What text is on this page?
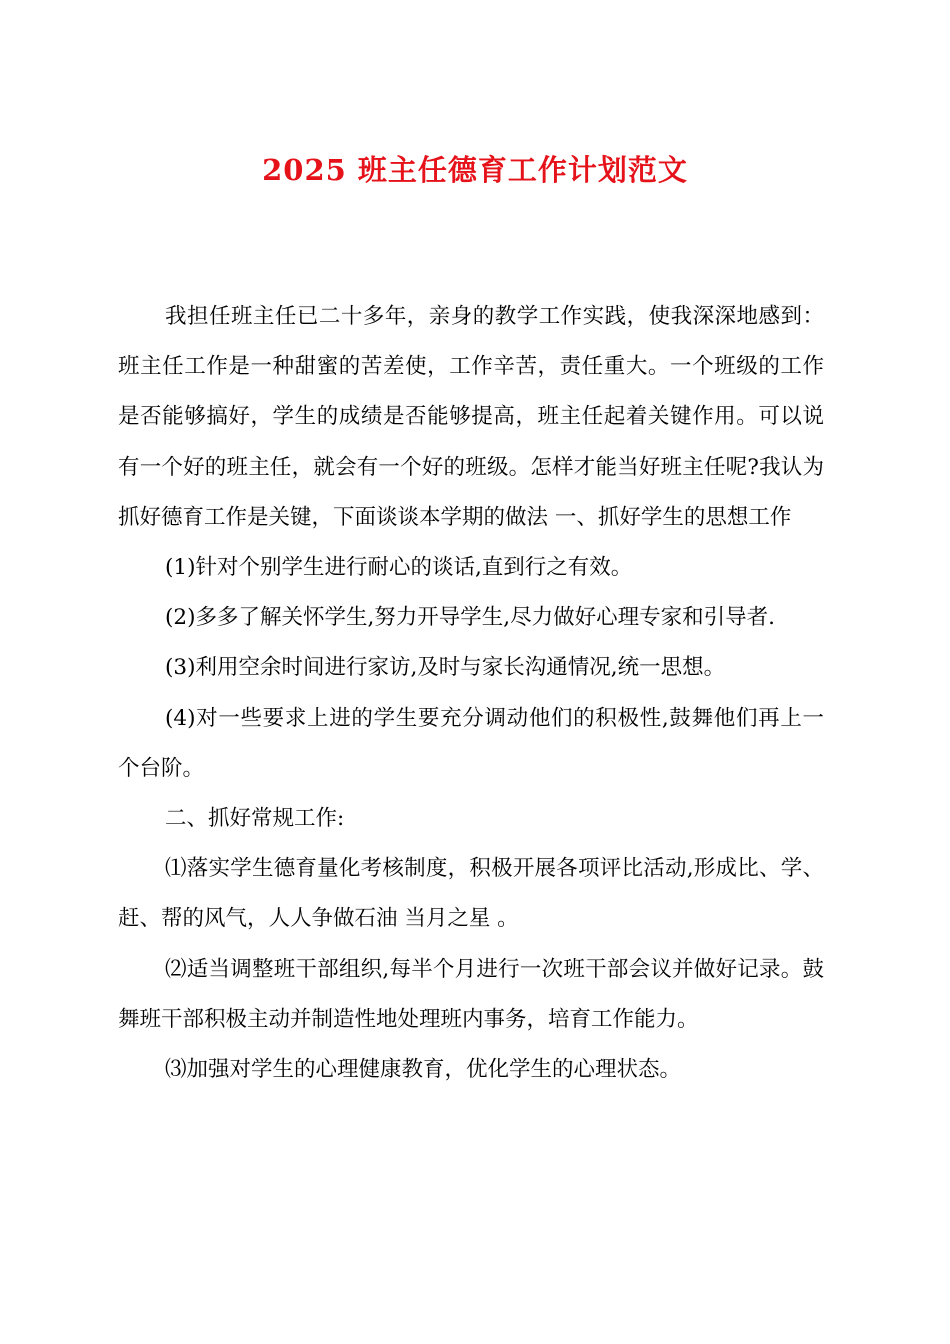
2025 班主任德育工作计划范文

我担任班主任已二十多年，亲身的教学工作实践，使我深深地感到：班主任工作是一种甜蜜的苦差使，工作辛苦，责任重大。一个班级的工作是否能够搞好，学生的成绩是否能够提高，班主任起着关键作用。可以说有一个好的班主任，就会有一个好的班级。怎样才能当好班主任呢?我认为抓好德育工作是关键，下面谈谈本学期的做法 一、抓好学生的思想工作

(1)针对个别学生进行耐心的谈话,直到行之有效。

(2)多多了解关怀学生,努力开导学生,尽力做好心理专家和引导者.

(3)利用空余时间进行家访,及时与家长沟通情况,统一思想。

(4)对一些要求上进的学生要充分调动他们的积极性,鼓舞他们再上一个台阶。

二、抓好常规工作:

⑴落实学生德育量化考核制度，积极开展各项评比活动,形成比、学、赶、帮的风气，人人争做石油 当月之星 。

⑵适当调整班干部组织,每半个月进行一次班干部会议并做好记录。鼓舞班干部积极主动并制造性地处理班内事务，培育工作能力。

⑶加强对学生的心理健康教育，优化学生的心理状态。
